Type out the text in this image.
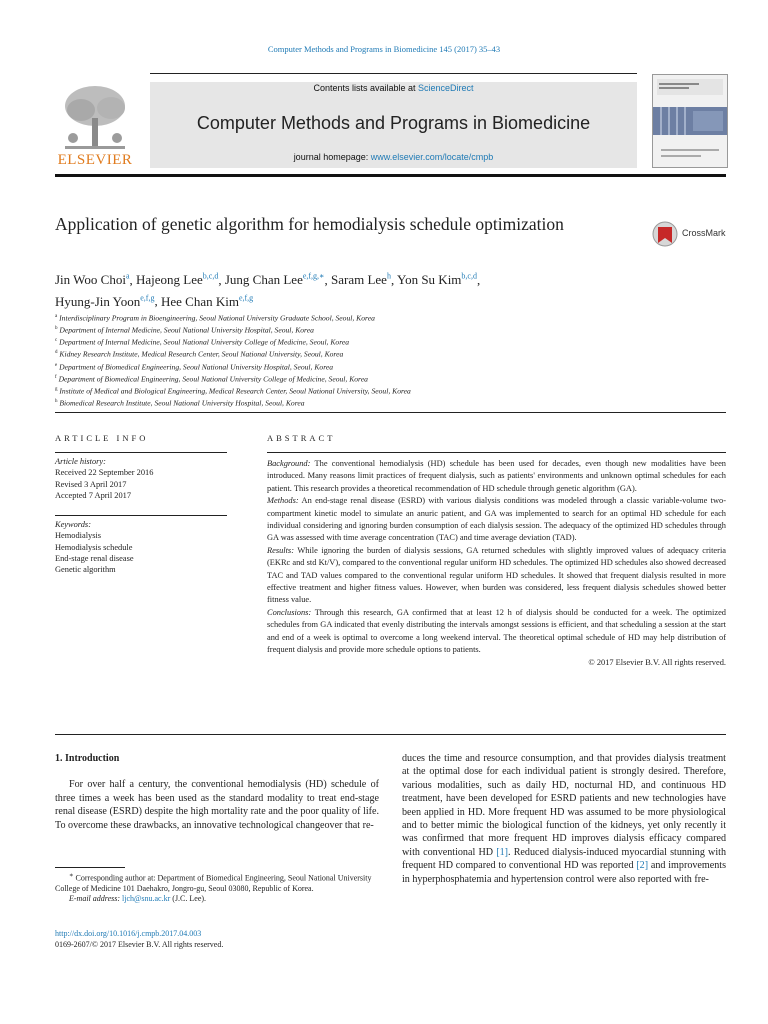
Computer Methods and Programs in Biomedicine 145 (2017) 35–43
Contents lists available at ScienceDirect
Computer Methods and Programs in Biomedicine
journal homepage: www.elsevier.com/locate/cmpb
ELSEVIER
Application of genetic algorithm for hemodialysis schedule optimization	CrossMark
Jin Woo Choi$^a$, Hajeong Lee$^{b,c,d}$, Jung Chan Lee$^{e,f,g,∗}$, Saram Lee$^h$, Yon Su Kim$^{b,c,d}$,
Hyung-Jin Yoon$^{e,f,g}$, Hee Chan Kim$^{e,f,g}$
$^a$ Interdisciplinary Program in Bioengineering, Seoul National University Graduate School, Seoul, Korea
$^b$ Department of Internal Medicine, Seoul National University Hospital, Seoul, Korea
$^c$ Department of Internal Medicine, Seoul National University College of Medicine, Seoul, Korea
$^d$ Kidney Research Institute, Medical Research Center, Seoul National University, Seoul, Korea
$^e$ Department of Biomedical Engineering, Seoul National University Hospital, Seoul, Korea
$^f$ Department of Biomedical Engineering, Seoul National University College of Medicine, Seoul, Korea
$^g$ Institute of Medical and Biological Engineering, Medical Research Center, Seoul National University, Seoul, Korea
$^h$ Biomedical Research Institute, Seoul National University Hospital, Seoul, Korea
ARTICLE INFO
Article history:
Received 22 September 2016
Revised 3 April 2017
Accepted 7 April 2017
Keywords:
Hemodialysis
Hemodialysis schedule
End-stage renal disease
Genetic algorithm
ABSTRACT

Background: The conventional hemodialysis (HD) schedule has been used for decades, even though new modalities have been introduced. Many reasons limit practices of frequent dialysis, such as patients' environments and unknown optimal schedules for each patient. This research provides a theoretical recommendation of HD schedule through genetic algorithm (GA).

Methods: An end-stage renal disease (ESRD) with various dialysis conditions was modeled through a classic variable-volume two-compartment kinetic model to simulate an anuric patient, and GA was implemented to search for an optimal HD schedule for each individual considering and ignoring burden consumption of each dialysis session. The adequacy of the optimized HD schedules through GA was assessed with time average concentration (TAC) and time average deviation (TAD).

Results: While ignoring the burden of dialysis sessions, GA returned schedules with slightly improved values of adequacy criteria (EKRc and std Kt/V), compared to the conventional regular uniform HD schedules. The optimized HD schedules also showed decreased TAC and TAD values compared to the conventional regular uniform HD schedules. It showed that frequent dialysis resulted in more effective treatment and higher fitness values. However, when burden was considered, less frequent dialysis schedules showed better fitness value.

Conclusions: Through this research, GA confirmed that at least 12 h of dialysis should be conducted for a week. The optimized schedules from GA indicated that evenly distributing the intervals amongst sessions is efficient, and that scheduling a session at the start and end of a week is optimal to overcome a long weekend interval. The theoretical optimal schedule of HD may help distribution of frequent dialysis and provide more schedule options to patients.

© 2017 Elsevier B.V. All rights reserved.

1. Introduction

For over half a century, the conventional hemodialysis (HD) schedule of three times a week has been used as the standard modality to treat end-stage renal disease (ESRD) despite the high mortality rate and the poor quality of life. To overcome these drawbacks, an innovative technological changeover that re-

∗ Corresponding author at: Department of Biomedical Engineering, Seoul National University College of Medicine 101 Daehakro, Jongro-gu, Seoul 03080, Republic of Korea.

E-mail address: ljch@snu.ac.kr (J.C. Lee).

http://dx.doi.org/10.1016/j.cmpb.2017.04.003
0169-2607/© 2017 Elsevier B.V. All rights reserved.

duces the time and resource consumption, and that provides dialysis treatment at the optimal dose for each individual patient is strongly desired. Therefore, various modalities, such as daily HD, nocturnal HD, and continuous HD treatment, have been developed for ESRD patients and new technologies have been applied in HD. More frequent HD was assumed to be more physiological and to better mimic the biological function of the kidneys, yet only recently it was confirmed that more frequent HD improves dialysis efficacy compared with conventional HD [1]. Reduced dialysis-induced myocardial stunning with frequent HD compared to conventional HD was reported [2] and improvements in hyperphosphatemia and hypertension control were also reported with fre-
